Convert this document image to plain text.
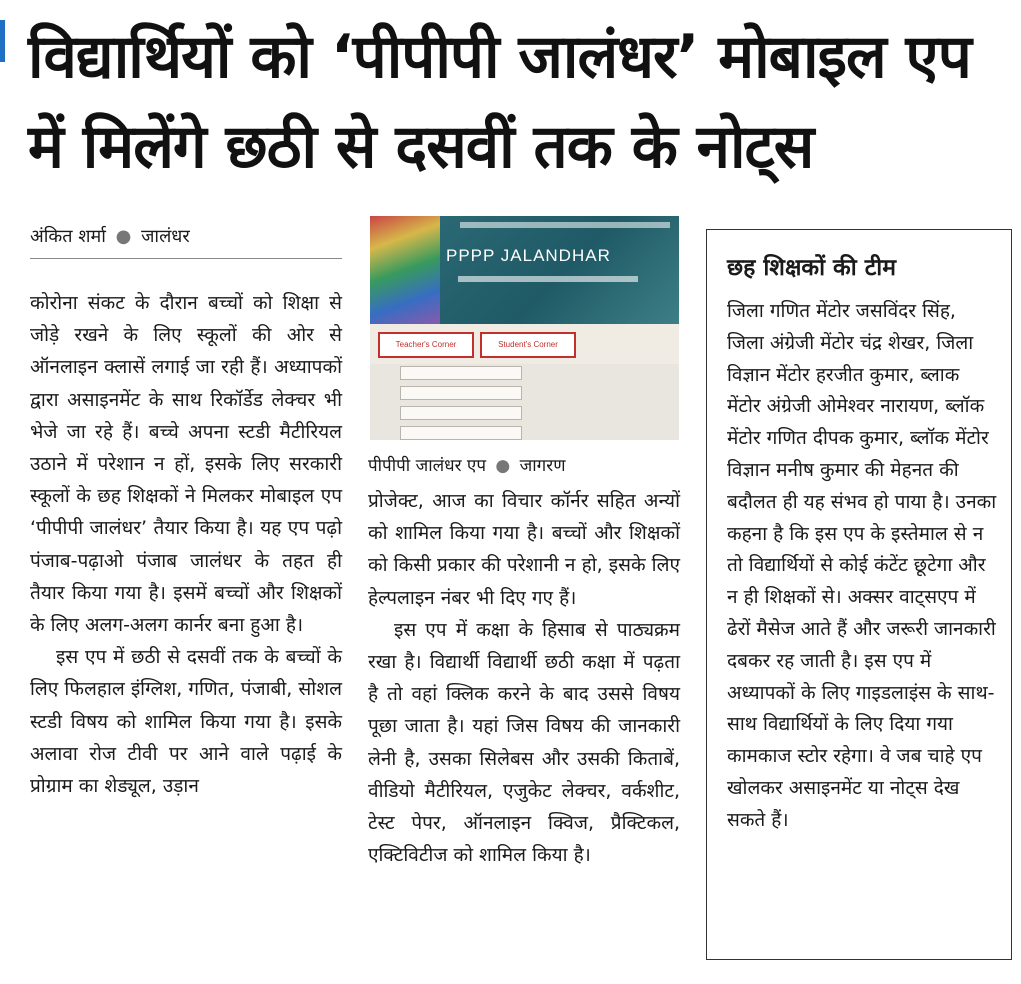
विद्यार्थियों को ‘पीपीपी जालंधर’ मोबाइल एप में मिलेंगे छठी से दसवीं तक के नोट्स
अंकित शर्मा ● जालंधर

कोरोना संकट के दौरान बच्चों को शिक्षा से जोड़े रखने के लिए स्कूलों की ओर से ऑनलाइन क्लासें लगाई जा रही हैं। अध्यापकों द्वारा असाइनमेंट के साथ रिकॉर्डेड लेक्चर भी भेजे जा रहे हैं। बच्चे अपना स्टडी मैटीरियल उठाने में परेशान न हों, इसके लिए सरकारी स्कूलों के छह शिक्षकों ने मिलकर मोबाइल एप ‘पीपीपी जालंधर’ तैयार किया है। यह एप पढ़ो पंजाब-पढ़ाओ पंजाब जालंधर के तहत ही तैयार किया गया है। इसमें बच्चों और शिक्षकों के लिए अलग-अलग कार्नर बना हुआ है।

इस एप में छठी से दसवीं तक के बच्चों के लिए फिलहाल इंग्लिश, गणित, पंजाबी, सोशल स्टडी विषय को शामिल किया गया है। इसके अलावा रोज टीवी पर आने वाले पढ़ाई के प्रोग्राम का शेड्यूल, उड़ान

PPPP JALANDHAR
Teacher's Corner	Student's Corner
पीपीपी जालंधर एप ● जागरण

प्रोजेक्ट, आज का विचार कॉर्नर सहित अन्यों को शामिल किया गया है। बच्चों और शिक्षकों को किसी प्रकार की परेशानी न हो, इसके लिए हेल्पलाइन नंबर भी दिए गए हैं।

इस एप में कक्षा के हिसाब से पाठ्यक्रम रखा है। विद्यार्थी विद्यार्थी छठी कक्षा में पढ़ता है तो वहां क्लिक करने के बाद उससे विषय पूछा जाता है। यहां जिस विषय की जानकारी लेनी है, उसका सिलेबस और उसकी किताबें, वीडियो मैटीरियल, एजुकेट लेक्चर, वर्कशीट, टेस्ट पेपर, ऑनलाइन क्विज, प्रैक्टिकल, एक्टिविटीज को शामिल किया है।

छह शिक्षकों की टीम
जिला गणित मेंटोर जसविंदर सिंह, जिला अंग्रेजी मेंटोर चंद्र शेखर, जिला विज्ञान मेंटोर हरजीत कुमार, ब्लाक मेंटोर अंग्रेजी ओमेश्वर नारायण, ब्लॉक मेंटोर गणित दीपक कुमार, ब्लॉक मेंटोर विज्ञान मनीष कुमार की मेहनत की बदौलत ही यह संभव हो पाया है। उनका कहना है कि इस एप के इस्तेमाल से न तो विद्यार्थियों से कोई कंटेंट छूटेगा और न ही शिक्षकों से। अक्सर वाट्सएप में ढेरों मैसेज आते हैं और जरूरी जानकारी दबकर रह जाती है। इस एप में अध्यापकों के लिए गाइडलाइंस के साथ-साथ विद्यार्थियों के लिए दिया गया कामकाज स्टोर रहेगा। वे जब चाहे एप खोलकर असाइनमेंट या नोट्स देख सकते हैं।
